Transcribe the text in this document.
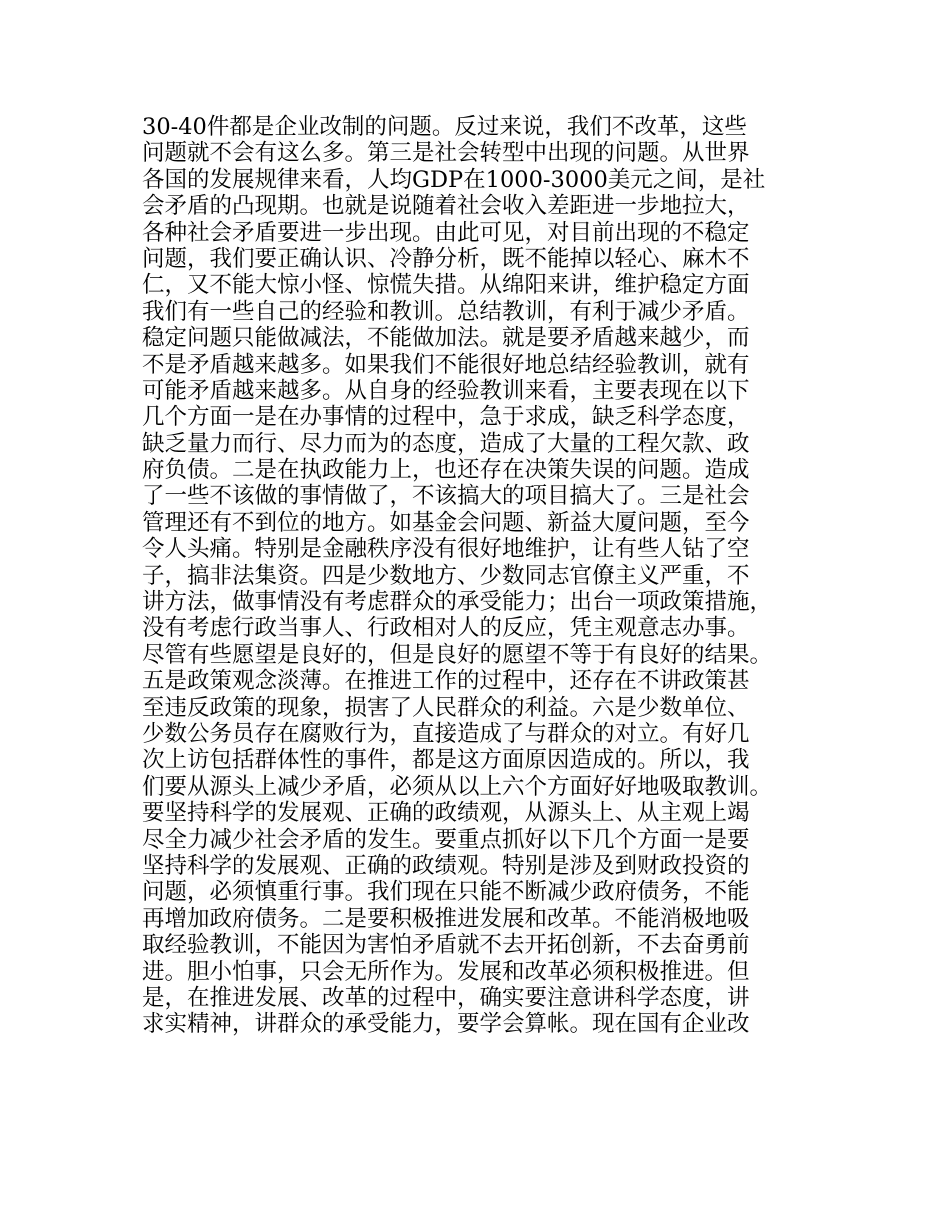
30-40件都是企业改制的问题。反过来说，我们不改革，这些

问题就不会有这么多。第三是社会转型中出现的问题。从世界

各国的发展规律来看，人均GDP在1000-3000美元之间，是社

会矛盾的凸现期。也就是说随着社会收入差距进一步地拉大，

各种社会矛盾要进一步出现。由此可见，对目前出现的不稳定

问题，我们要正确认识、冷静分析，既不能掉以轻心、麻木不

仁，又不能大惊小怪、惊慌失措。从绵阳来讲，维护稳定方面

我们有一些自己的经验和教训。总结教训，有利于减少矛盾。

稳定问题只能做减法，不能做加法。就是要矛盾越来越少，而

不是矛盾越来越多。如果我们不能很好地总结经验教训，就有

可能矛盾越来越多。从自身的经验教训来看，主要表现在以下

几个方面一是在办事情的过程中，急于求成，缺乏科学态度，

缺乏量力而行、尽力而为的态度，造成了大量的工程欠款、政

府负债。二是在执政能力上，也还存在决策失误的问题。造成

了一些不该做的事情做了，不该搞大的项目搞大了。三是社会

管理还有不到位的地方。如基金会问题、新益大厦问题，至今

令人头痛。特别是金融秩序没有很好地维护，让有些人钻了空

子，搞非法集资。四是少数地方、少数同志官僚主义严重，不

讲方法，做事情没有考虑群众的承受能力；出台一项政策措施，

没有考虑行政当事人、行政相对人的反应，凭主观意志办事。

尽管有些愿望是良好的，但是良好的愿望不等于有良好的结果。

五是政策观念淡薄。在推进工作的过程中，还存在不讲政策甚

至违反政策的现象，损害了人民群众的利益。六是少数单位、

少数公务员存在腐败行为，直接造成了与群众的对立。有好几

次上访包括群体性的事件，都是这方面原因造成的。所以，我

们要从源头上减少矛盾，必须从以上六个方面好好地吸取教训。

要坚持科学的发展观、正确的政绩观，从源头上、从主观上竭

尽全力减少社会矛盾的发生。要重点抓好以下几个方面一是要

坚持科学的发展观、正确的政绩观。特别是涉及到财政投资的

问题，必须慎重行事。我们现在只能不断减少政府债务，不能

再增加政府债务。二是要积极推进发展和改革。不能消极地吸

取经验教训，不能因为害怕矛盾就不去开拓创新，不去奋勇前

进。胆小怕事，只会无所作为。发展和改革必须积极推进。但

是，在推进发展、改革的过程中，确实要注意讲科学态度，讲

求实精神，讲群众的承受能力，要学会算帐。现在国有企业改
